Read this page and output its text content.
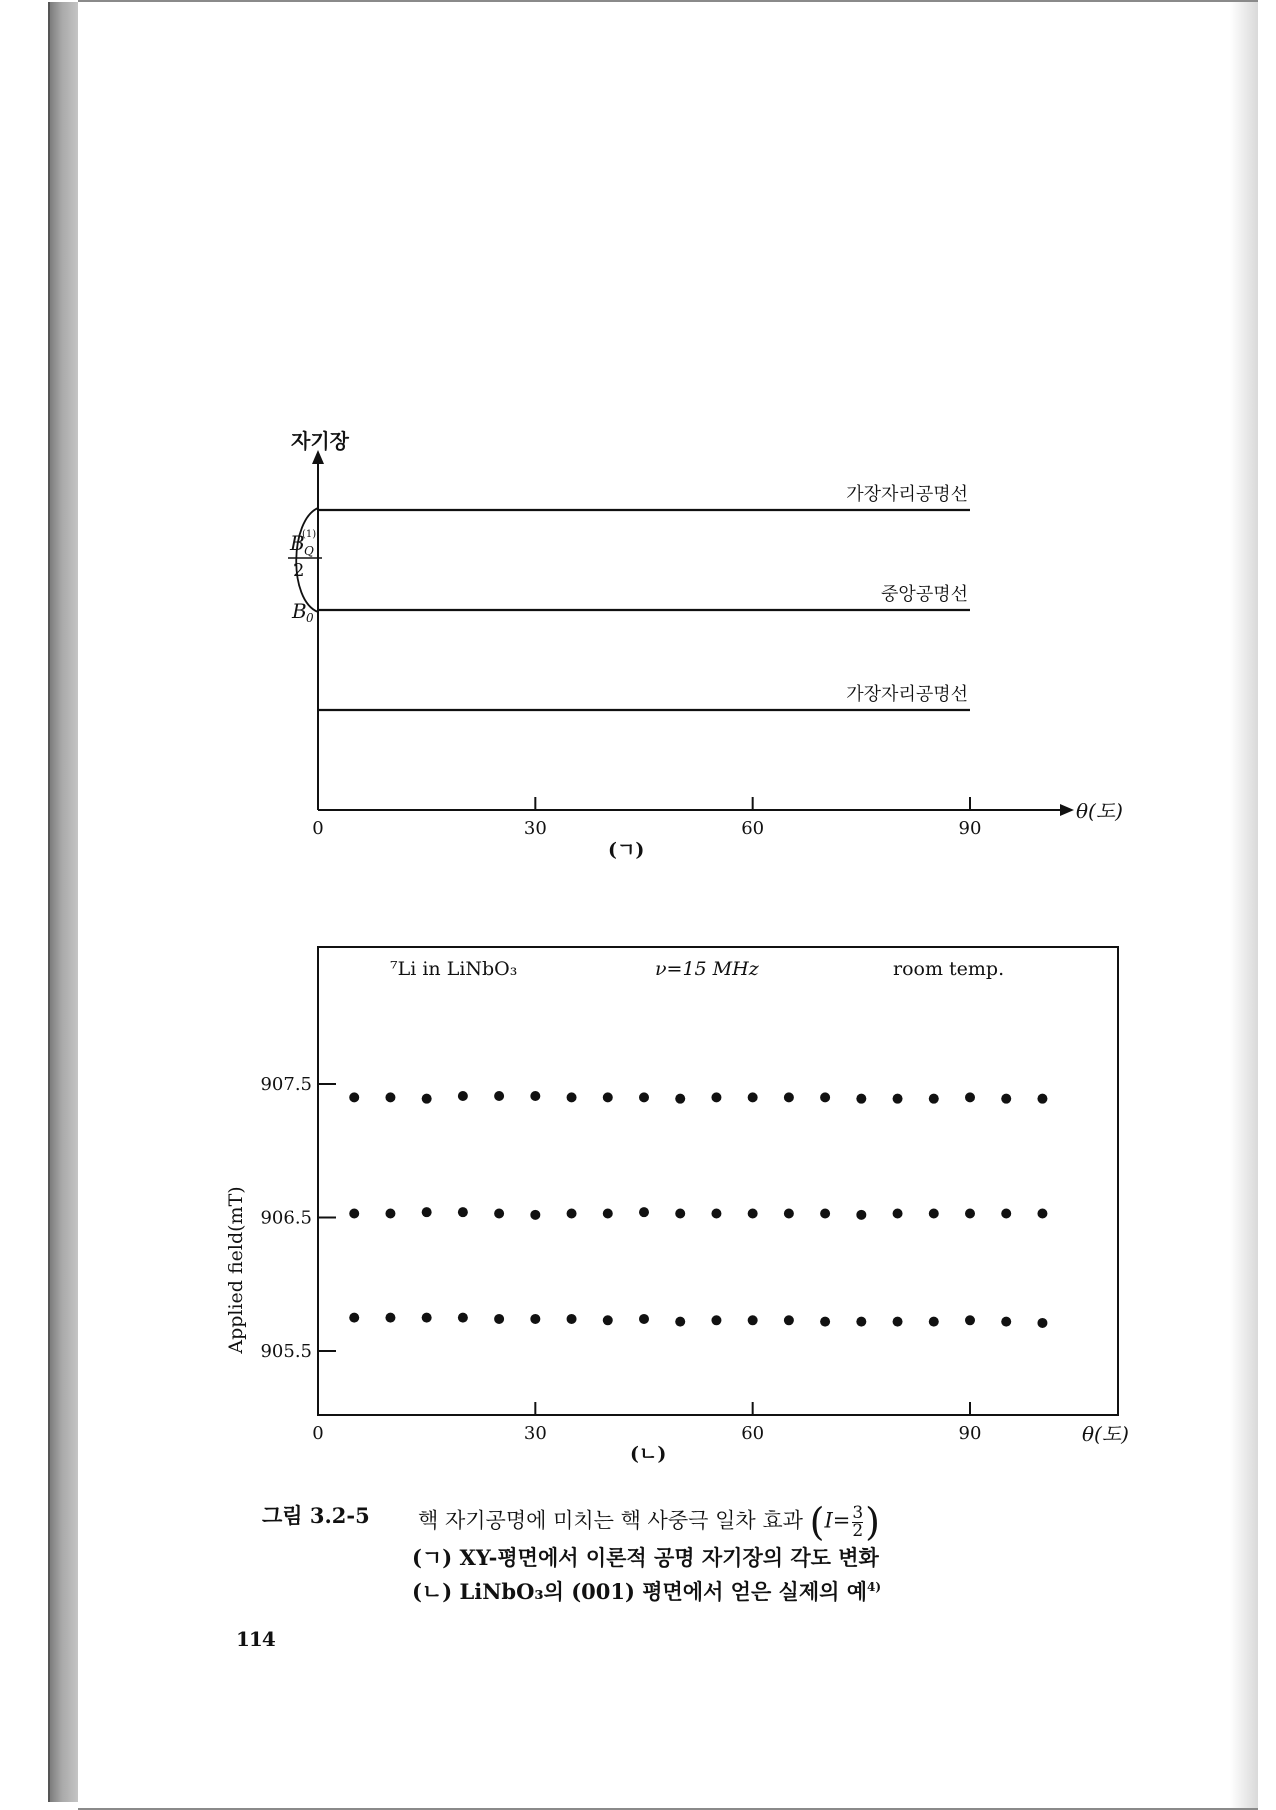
자기장
θ(도)
(ㄱ)
B Q
(1)
2
B 0
0	30	60	90
가장자리공명선
중앙공명선
가장자리공명선
⁷Li in LiNbO₃	ν=15 MHz	room temp.
Applied field(mT)
θ(도)
(ㄴ)
0	30	60	90
905.5
906.5
907.5
그림 3.2-5 핵 자기공명에 미치는 핵 사중극 일차 효과 ($I= \frac{3}{2}$ )
(ㄱ) XY-평면에서 이론적 공명 자기장의 각도 변화
(ㄴ) LiNbO₃의 (001) 평면에서 얻은 실제의 예$^{4)}$
114
